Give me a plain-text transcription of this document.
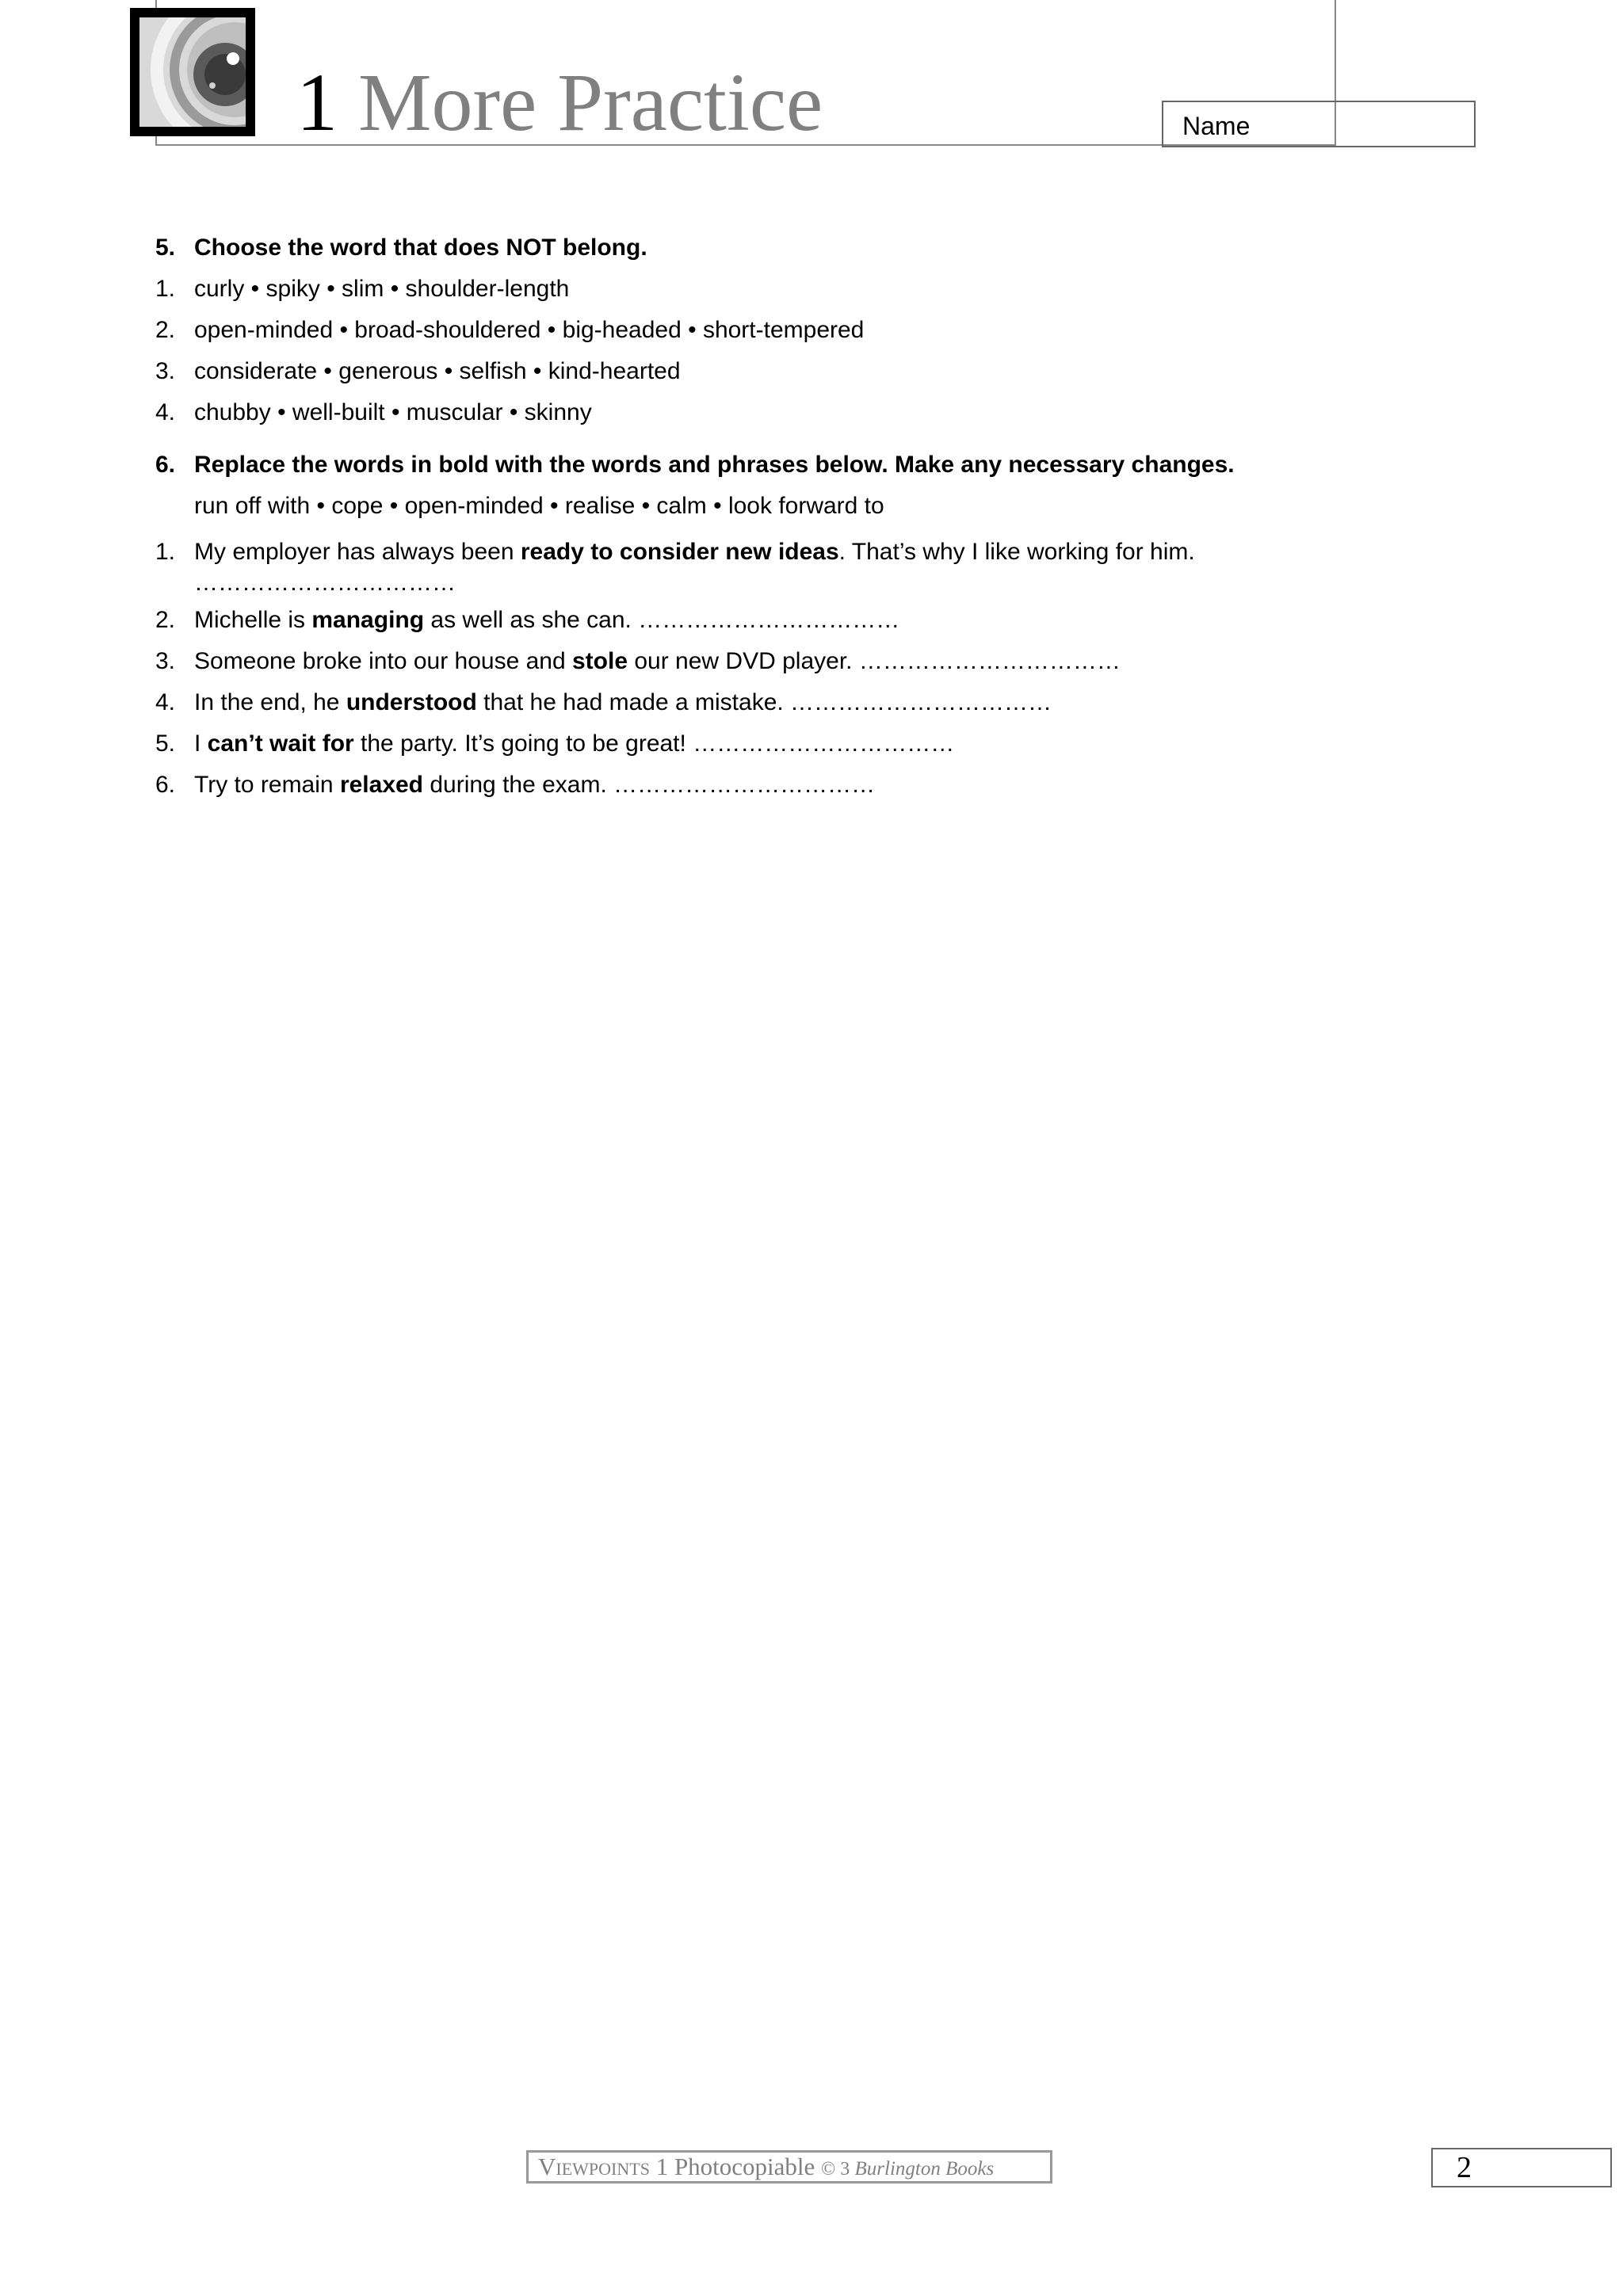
1 More Practice	Name
5. Choose the word that does NOT belong.
1. curly • spiky • slim • shoulder-length
2. open-minded • broad-shouldered • big-headed • short-tempered
3. considerate • generous • selfish • kind-hearted
4. chubby • well-built • muscular • skinny
6. Replace the words in bold with the words and phrases below. Make any necessary changes.
run off with • cope • open-minded • realise • calm • look forward to
1. My employer has always been ready to consider new ideas. That’s why I like working for him.
……………………………
2. Michelle is managing as well as she can. ……………………………
3. Someone broke into our house and stole our new DVD player. ……………………………
4. In the end, he understood that he had made a mistake. ……………………………
5. I can’t wait for the party. It’s going to be great! ……………………………
6. Try to remain relaxed during the exam. ……………………………
Viewpoints 1 Photocopiable © 3 Burlington Books	2
